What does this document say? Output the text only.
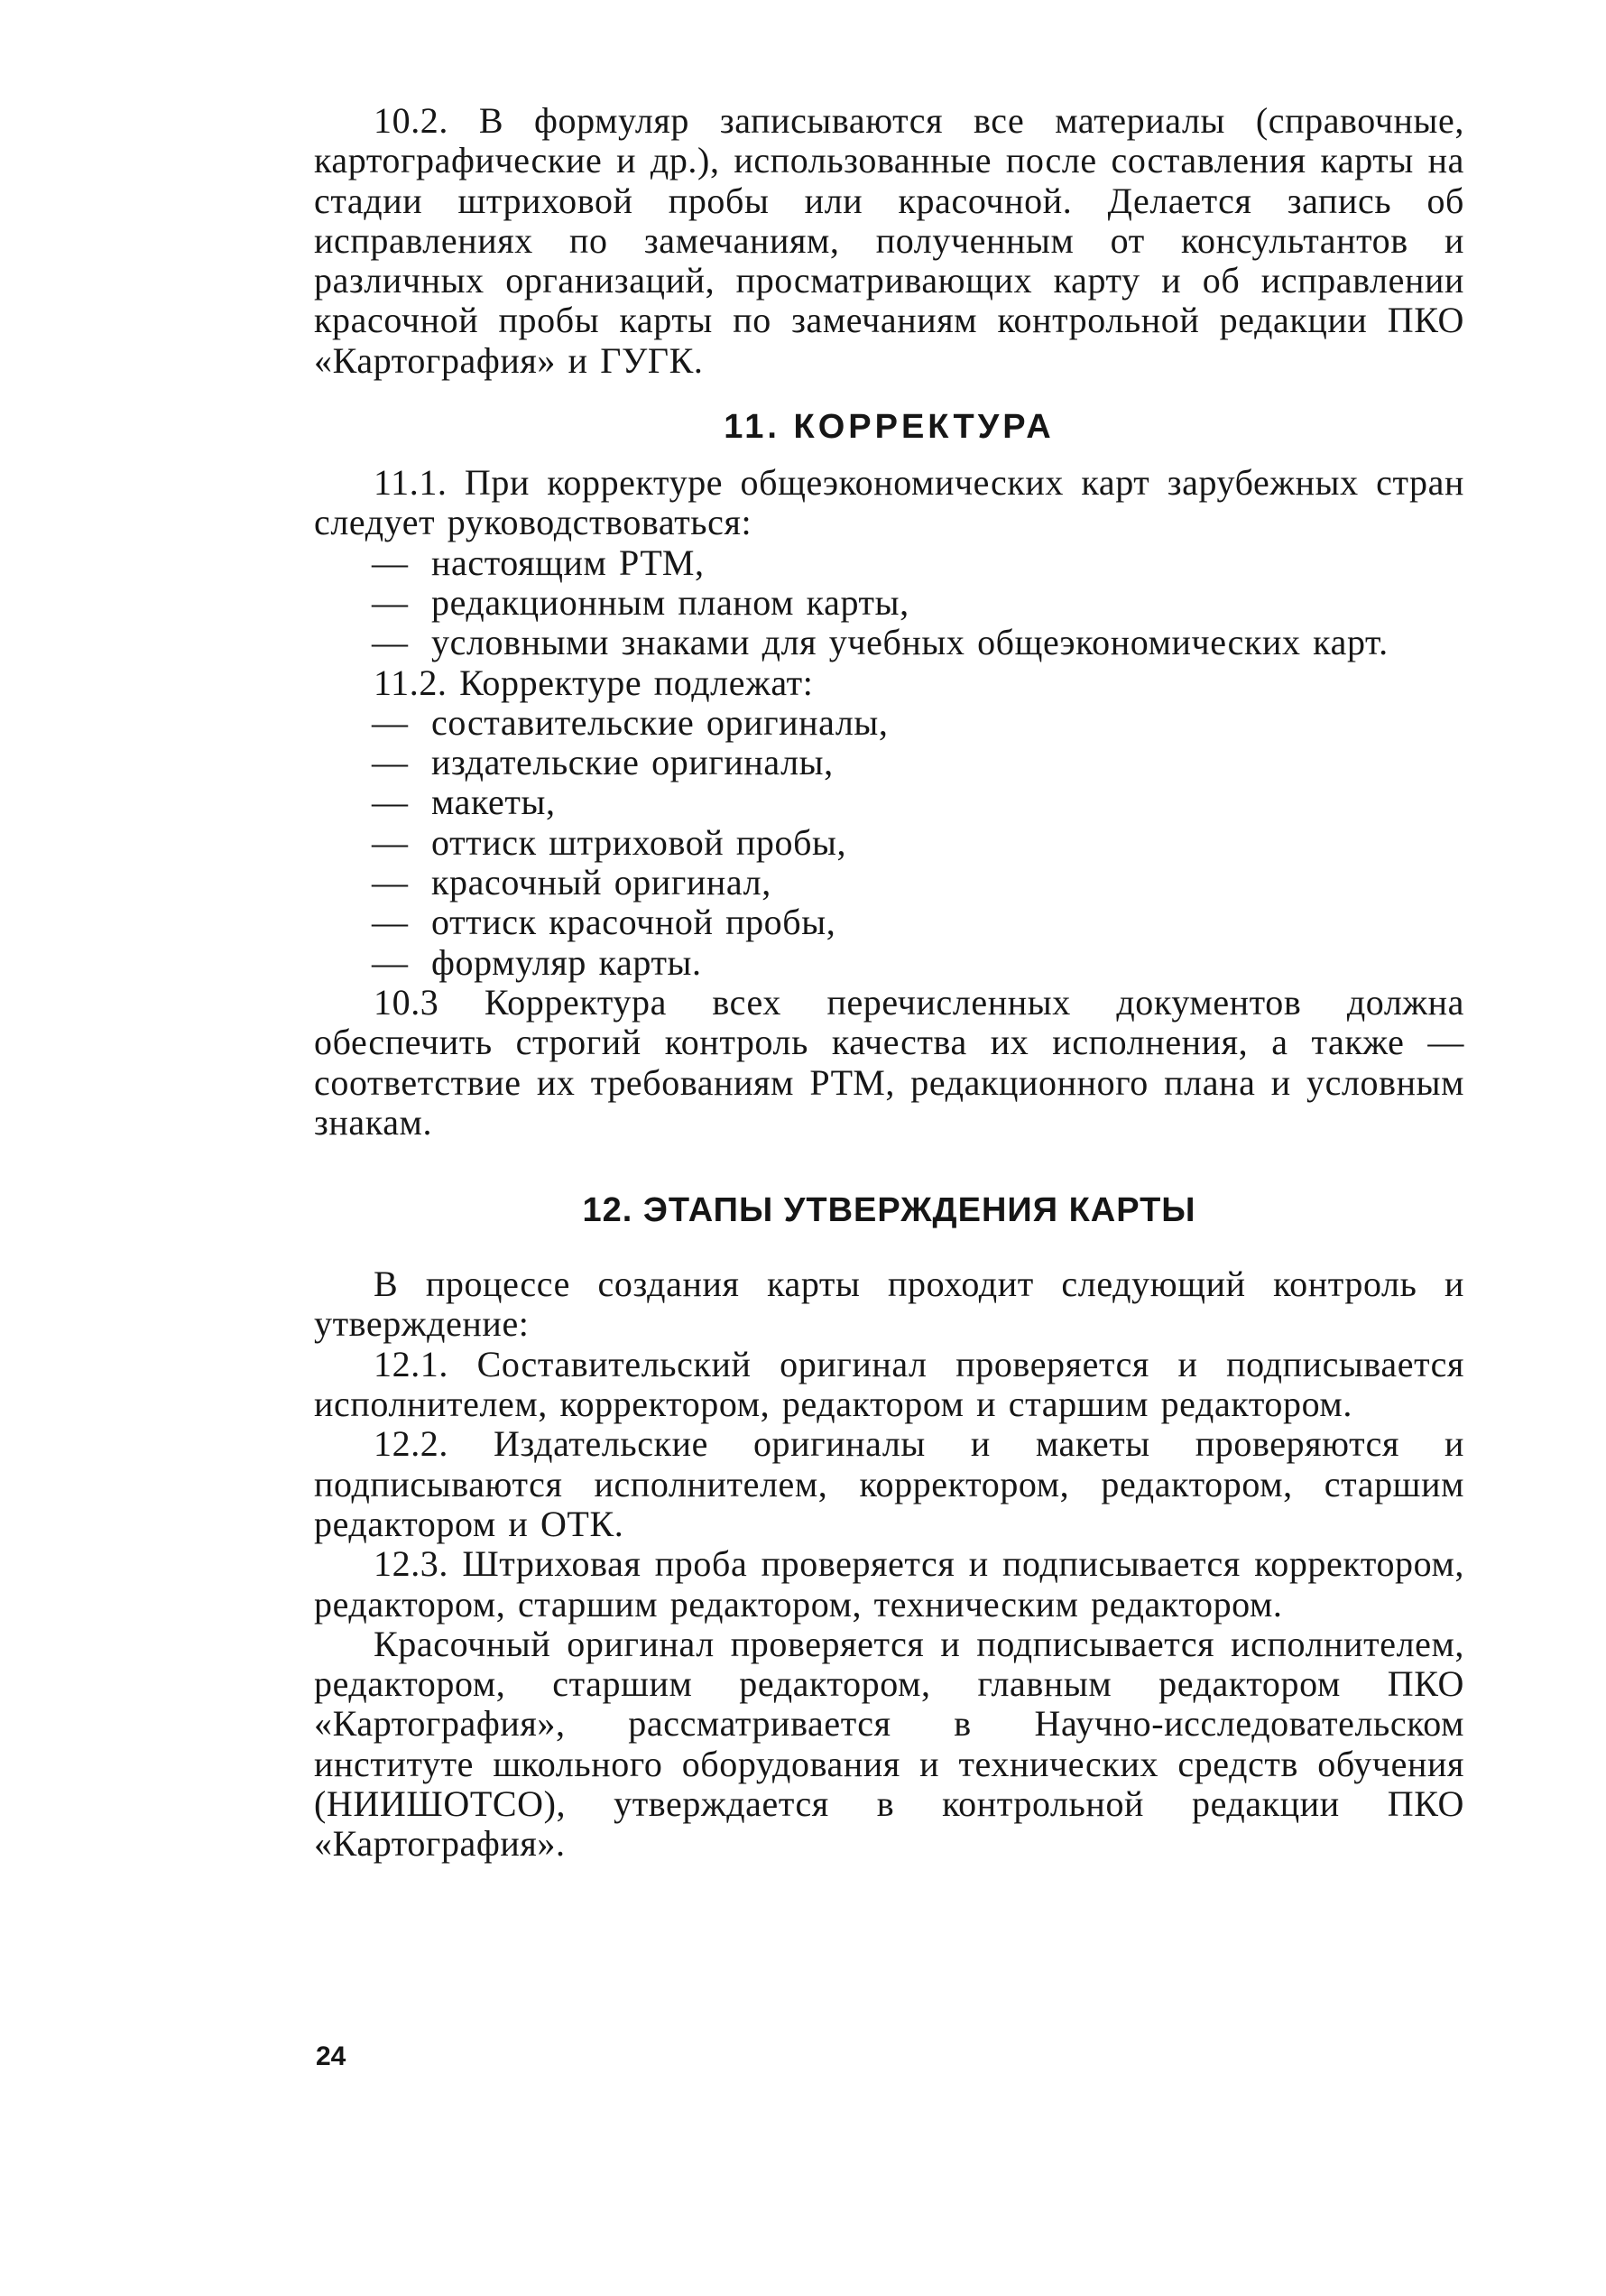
10.2. В формуляр записываются все материалы (справочные, картографические и др.), использованные после составления карты на стадии штриховой пробы или красочной. Делается запись об исправлениях по замечаниям, полученным от консультантов и различных организаций, просматривающих карту и об исправлении красочной пробы карты по замечаниям контрольной редакции ПКО «Картография» и ГУГК.

11. КОРРЕКТУРА

11.1. При корректуре общеэкономических карт зарубежных стран следует руководствоваться:

— настоящим РТМ,
— редакционным планом карты,
— условными знаками для учебных общеэкономических карт.

11.2. Корректуре подлежат:

— составительские оригиналы,
— издательские оригиналы,
— макеты,
— оттиск штриховой пробы,
— красочный оригинал,
— оттиск красочной пробы,
— формуляр карты.

10.3 Корректура всех перечисленных документов должна обеспечить строгий контроль качества их исполнения, а также — соответствие их требованиям РТМ, редакционного плана и условным знакам.

12. ЭТАПЫ УТВЕРЖДЕНИЯ КАРТЫ

В процессе создания карты проходит следующий контроль и утверждение:

12.1. Составительский оригинал проверяется и подписывается исполнителем, корректором, редактором и старшим редактором.

12.2. Издательские оригиналы и макеты проверяются и подписываются исполнителем, корректором, редактором, старшим редактором и ОТК.

12.3. Штриховая проба проверяется и подписывается корректором, редактором, старшим редактором, техническим редактором.

Красочный оригинал проверяется и подписывается исполнителем, редактором, старшим редактором, главным редактором ПКО «Картография», рассматривается в Научно-исследовательском институте школьного оборудования и технических средств обучения (НИИШОТСО), утверждается в контрольной редакции ПКО «Картография».

24
